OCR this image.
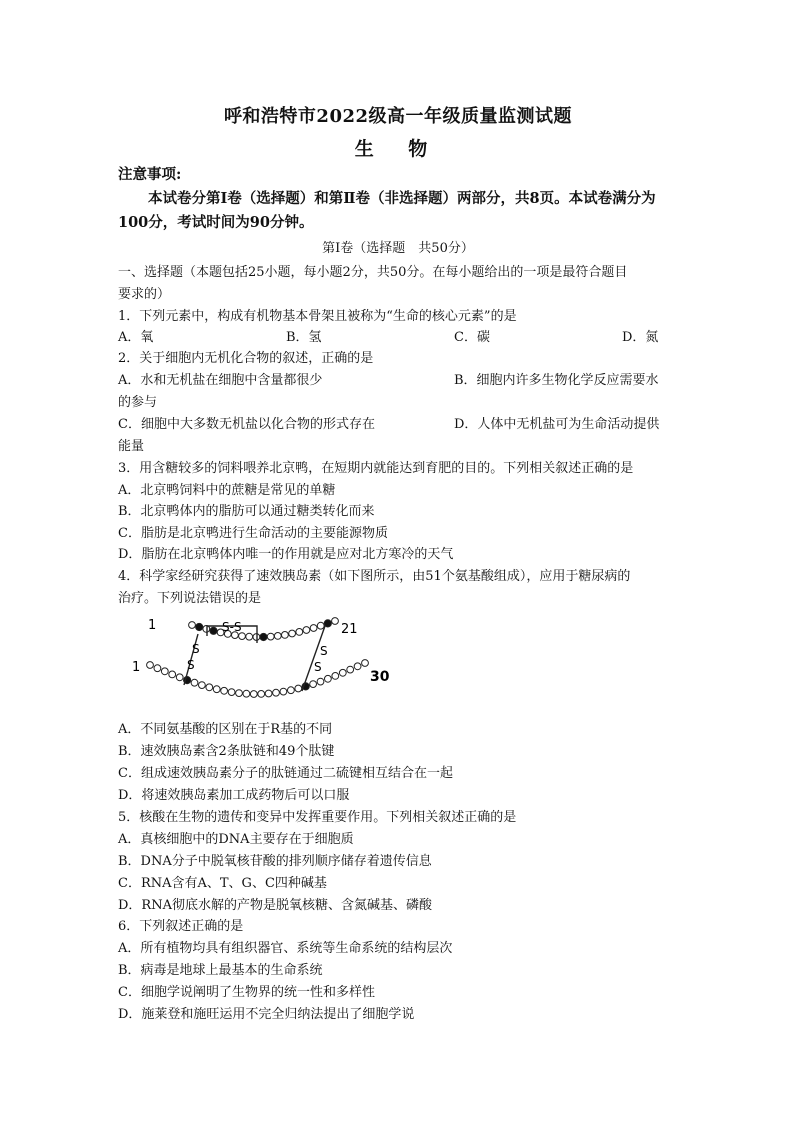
呼和浩特市2022级高一年级质量监测试题
生 物
注意事项:
本试卷分第Ⅰ卷（选择题）和第Ⅱ卷（非选择题）两部分，共8页。本试卷满分为100分，考试时间为90分钟。
第Ⅰ卷（选择题　共50分）
一、选择题（本题包括25小题，每小题2分，共50分。在每小题给出的一项是最符合题目
要求的）
1．下列元素中，构成有机物基本骨架且被称为“生命的核心元素”的是
A．氧	B．氢	C．碳	D．氮
2．关于细胞内无机化合物的叙述，正确的是
A．水和无机盐在细胞中含量都很少	B．细胞内许多生物化学反应需要水
的参与
C．细胞中大多数无机盐以化合物的形式存在	D．人体中无机盐可为生命活动提供
能量
3．用含糖较多的饲料喂养北京鸭，在短期内就能达到育肥的目的。下列相关叙述正确的是
A．北京鸭饲料中的蔗糖是常见的单糖
B．北京鸭体内的脂肪可以通过糖类转化而来
C．脂肪是北京鸭进行生命活动的主要能源物质
D．脂肪在北京鸭体内唯一的作用就是应对北方寒冷的天气
4．科学家经研究获得了速效胰岛素（如下图所示，由51个氨基酸组成），应用于糖尿病的
治疗。下列说法错误的是
1	S-S	21
1
S
S
S
S
30
A．不同氨基酸的区别在于R基的不同
B．速效胰岛素含2条肽链和49个肽键
C．组成速效胰岛素分子的肽链通过二硫键相互结合在一起
D．将速效胰岛素加工成药物后可以口服
5．核酸在生物的遗传和变异中发挥重要作用。下列相关叙述正确的是
A．真核细胞中的DNA主要存在于细胞质
B．DNA分子中脱氧核苷酸的排列顺序储存着遗传信息
C．RNA含有A、T、G、C四种碱基
D．RNA彻底水解的产物是脱氧核糖、含氮碱基、磷酸
6．下列叙述正确的是
A．所有植物均具有组织器官、系统等生命系统的结构层次
B．病毒是地球上最基本的生命系统
C．细胞学说阐明了生物界的统一性和多样性
D．施莱登和施旺运用不完全归纳法提出了细胞学说
